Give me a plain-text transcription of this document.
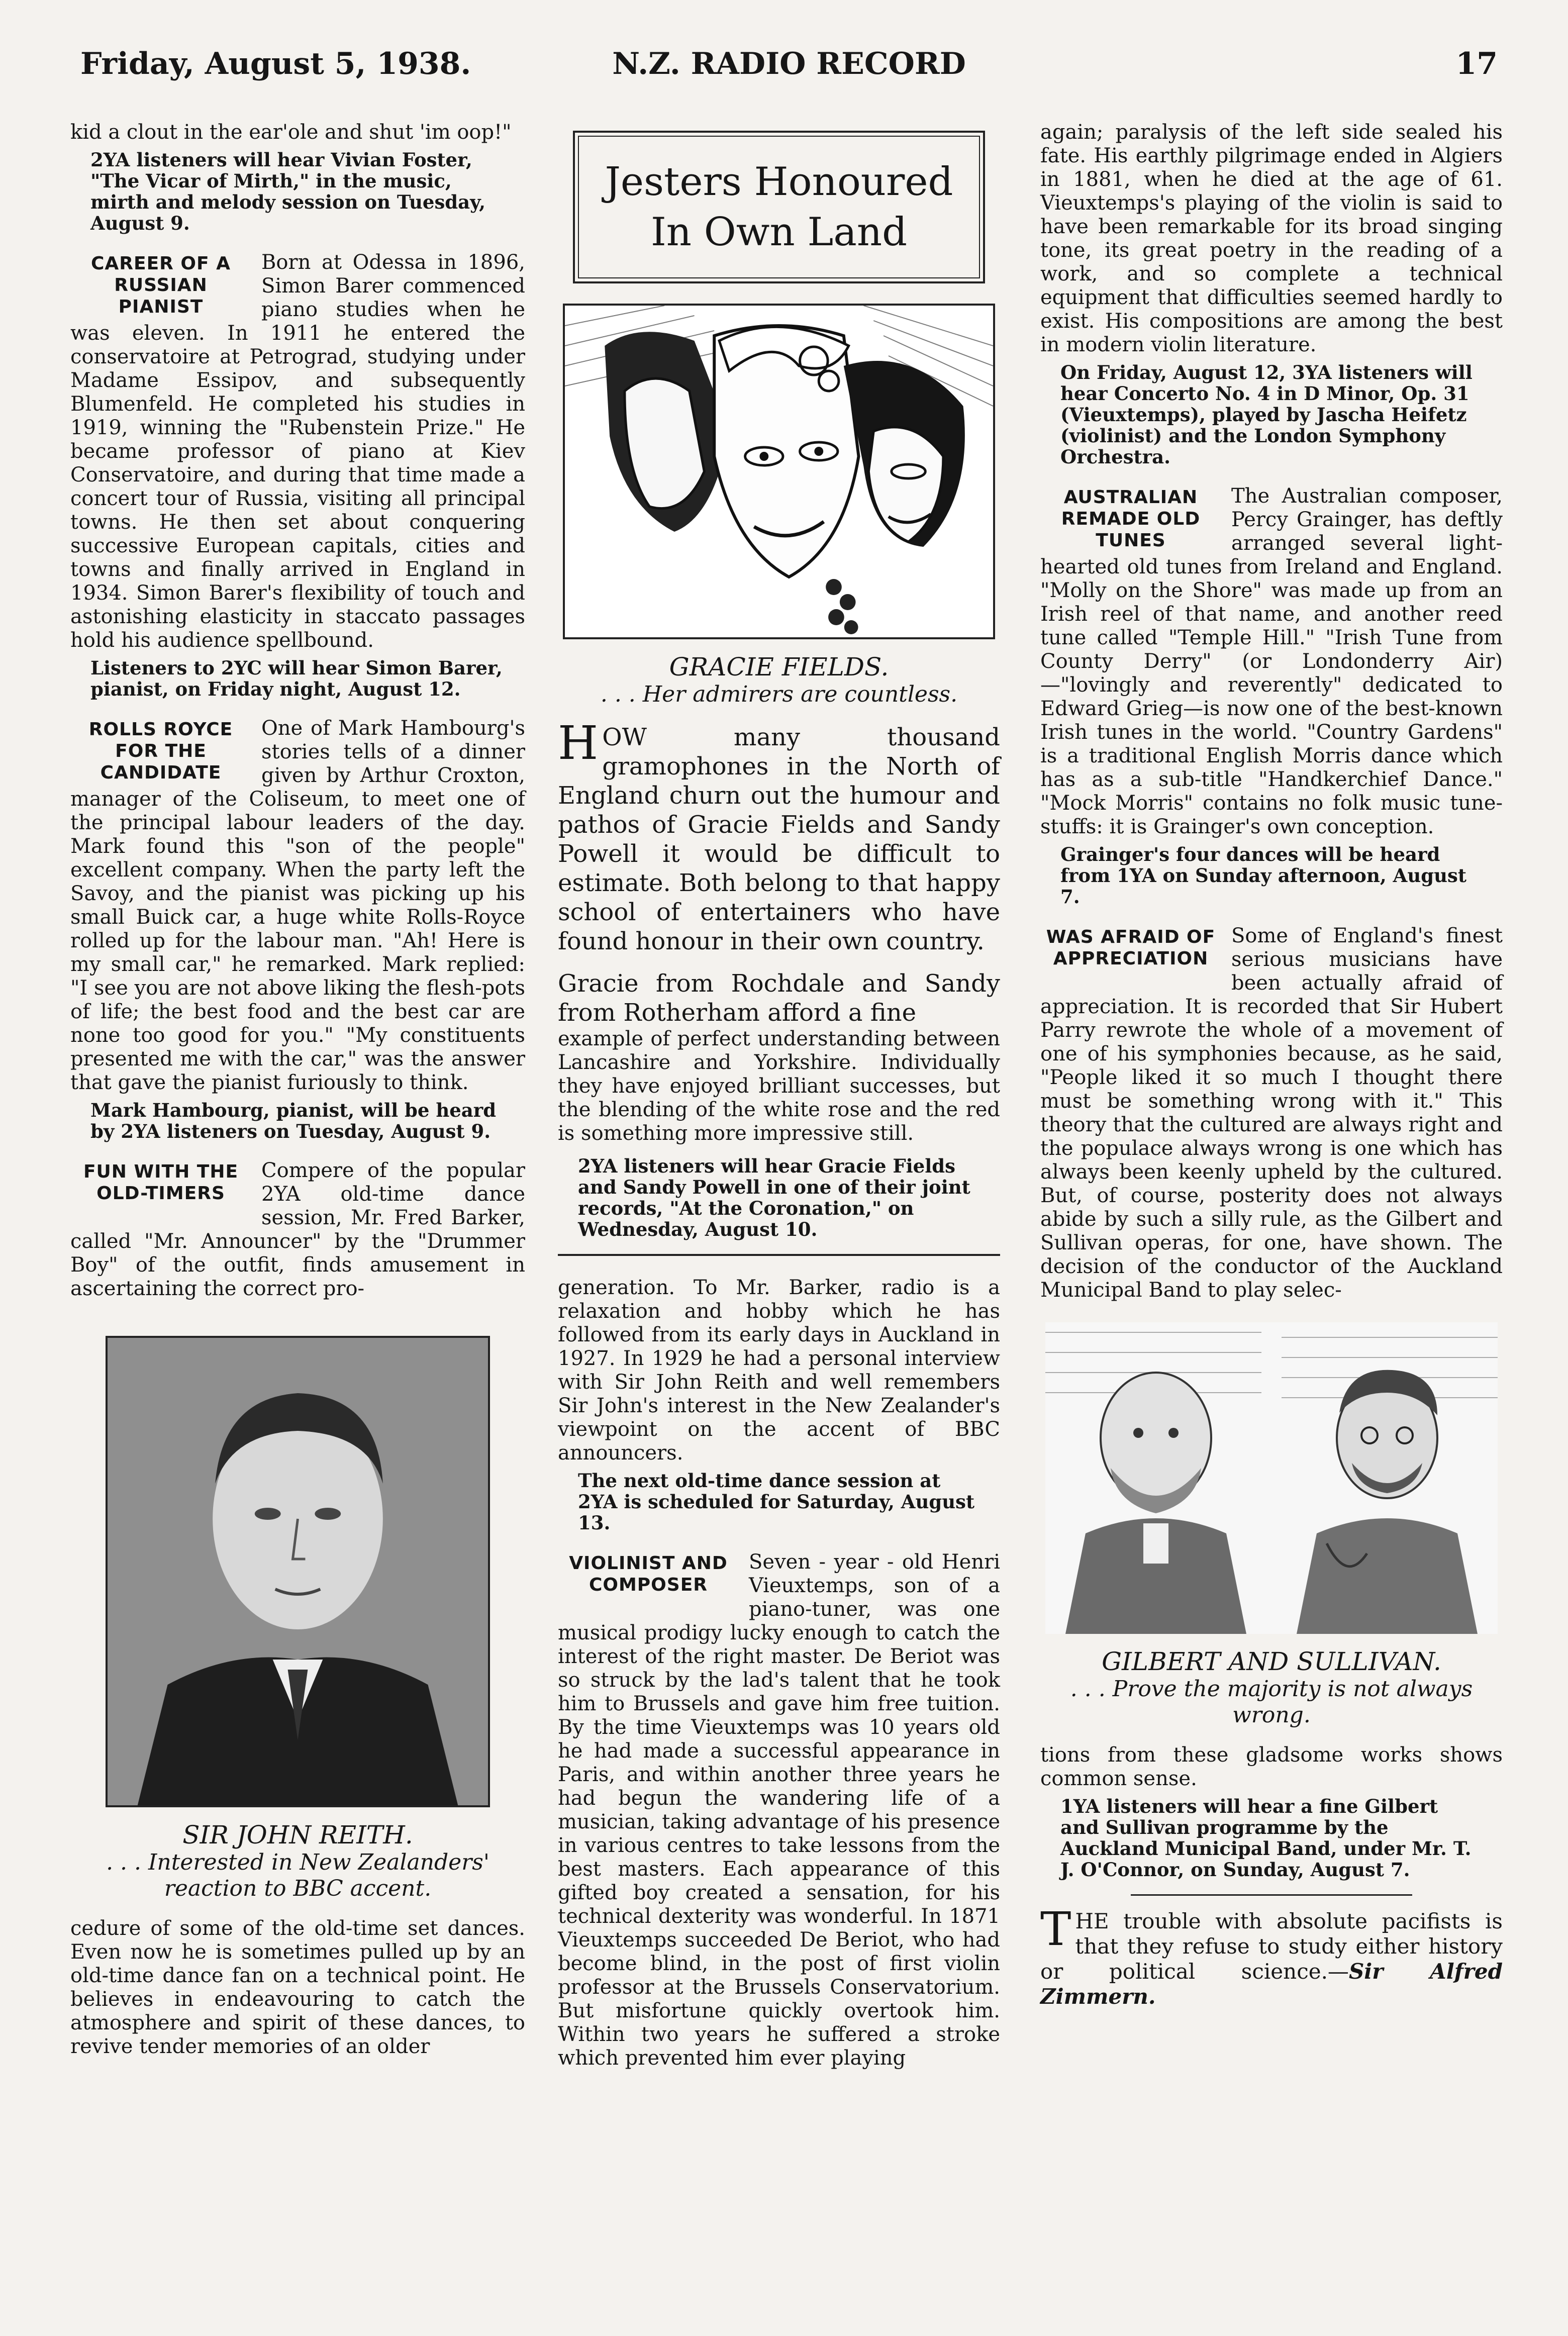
Friday, August 5, 1938.	N.Z. RADIO RECORD	17

kid a clout in the ear'ole and shut 'im oop!"

2YA listeners will hear Vivian Foster, "The Vicar of Mirth," in the music, mirth and melody session on Tuesday, August 9.

CAREER OF A RUSSIAN PIANIST

Born at Odessa in 1896, Simon Barer commenced piano studies when he was eleven. In 1911 he entered the conservatoire at Petrograd, studying under Madame Essipov, and subsequently Blumenfeld. He completed his studies in 1919, winning the "Rubenstein Prize." He became professor of piano at Kiev Conservatoire, and during that time made a concert tour of Russia, visiting all principal towns. He then set about conquering successive European capitals, cities and towns and finally arrived in England in 1934. Simon Barer's flexibility of touch and astonishing elasticity in staccato passages hold his audience spellbound.

Listeners to 2YC will hear Simon Barer, pianist, on Friday night, August 12.

ROLLS ROYCE FOR THE CANDIDATE

One of Mark Hambourg's stories tells of a dinner given by Arthur Croxton, manager of the Coliseum, to meet one of the principal labour leaders of the day. Mark found this "son of the people" excellent company. When the party left the Savoy, and the pianist was picking up his small Buick car, a huge white Rolls-Royce rolled up for the labour man. "Ah! Here is my small car," he remarked. Mark replied: "I see you are not above liking the flesh-pots of life; the best food and the best car are none too good for you." "My constituents presented me with the car," was the answer that gave the pianist furiously to think.

Mark Hambourg, pianist, will be heard by 2YA listeners on Tuesday, August 9.

FUN WITH THE OLD-TIMERS

Compere of the popular 2YA old-time dance session, Mr. Fred Barker, called "Mr. Announcer" by the "Drummer Boy" of the outfit, finds amusement in ascertaining the correct pro-

SIR JOHN REITH.
. . . Interested in New Zealanders' reaction to BBC accent.

cedure of some of the old-time set dances. Even now he is sometimes pulled up by an old-time dance fan on a technical point. He believes in endeavouring to catch the atmosphere and spirit of these dances, to revive tender memories of an older

Jesters Honoured In Own Land
GRACIE FIELDS.
. . . Her admirers are countless.

HOW many thousand gramophones in the North of England churn out the humour and pathos of Gracie Fields and Sandy Powell it would be difficult to estimate. Both belong to that happy school of entertainers who have found honour in their own country.

Gracie from Rochdale and Sandy from Rotherham afford a fine

example of perfect understanding between Lancashire and Yorkshire. Individually they have enjoyed brilliant successes, but the blending of the white rose and the red is something more impressive still.

2YA listeners will hear Gracie Fields and Sandy Powell in one of their joint records, "At the Coronation," on Wednesday, August 10.

generation. To Mr. Barker, radio is a relaxation and hobby which he has followed from its early days in Auckland in 1927. In 1929 he had a personal interview with Sir John Reith and well remembers Sir John's interest in the New Zealander's viewpoint on the accent of BBC announcers.

The next old-time dance session at 2YA is scheduled for Saturday, August 13.

VIOLINIST AND COMPOSER

Seven - year - old Henri Vieuxtemps, son of a piano-tuner, was one musical prodigy lucky enough to catch the interest of the right master. De Beriot was so struck by the lad's talent that he took him to Brussels and gave him free tuition. By the time Vieuxtemps was 10 years old he had made a successful appearance in Paris, and within another three years he had begun the wandering life of a musician, taking advantage of his presence in various centres to take lessons from the best masters. Each appearance of this gifted boy created a sensation, for his technical dexterity was wonderful. In 1871 Vieuxtemps succeeded De Beriot, who had become blind, in the post of first violin professor at the Brussels Conservatorium. But misfortune quickly overtook him. Within two years he suffered a stroke which prevented him ever playing

again; paralysis of the left side sealed his fate. His earthly pilgrimage ended in Algiers in 1881, when he died at the age of 61. Vieuxtemps's playing of the violin is said to have been remarkable for its broad singing tone, its great poetry in the reading of a work, and so complete a technical equipment that difficulties seemed hardly to exist. His compositions are among the best in modern violin literature.

On Friday, August 12, 3YA listeners will hear Concerto No. 4 in D Minor, Op. 31 (Vieuxtemps), played by Jascha Heifetz (violinist) and the London Symphony Orchestra.

AUSTRALIAN REMADE OLD TUNES

The Australian composer, Percy Grainger, has deftly arranged several light-hearted old tunes from Ireland and England. "Molly on the Shore" was made up from an Irish reel of that name, and another reed tune called "Temple Hill." "Irish Tune from County Derry" (or Londonderry Air) —"lovingly and reverently" dedicated to Edward Grieg—is now one of the best-known Irish tunes in the world. "Country Gardens" is a traditional English Morris dance which has as a sub-title "Handkerchief Dance." "Mock Morris" contains no folk music tune-stuffs: it is Grainger's own conception.

Grainger's four dances will be heard from 1YA on Sunday afternoon, August 7.

WAS AFRAID OF APPRECIATION

Some of England's finest serious musicians have been actually afraid of appreciation. It is recorded that Sir Hubert Parry rewrote the whole of a movement of one of his symphonies because, as he said, "People liked it so much I thought there must be something wrong with it." This theory that the cultured are always right and the populace always wrong is one which has always been keenly upheld by the cultured. But, of course, posterity does not always abide by such a silly rule, as the Gilbert and Sullivan operas, for one, have shown. The decision of the conductor of the Auckland Municipal Band to play selec-

GILBERT AND SULLIVAN.
. . . Prove the majority is not always wrong.

tions from these gladsome works shows common sense.

1YA listeners will hear a fine Gilbert and Sullivan programme by the Auckland Municipal Band, under Mr. T. J. O'Connor, on Sunday, August 7.

THE trouble with absolute pacifists is that they refuse to study either history or political science.—Sir Alfred Zimmern.
